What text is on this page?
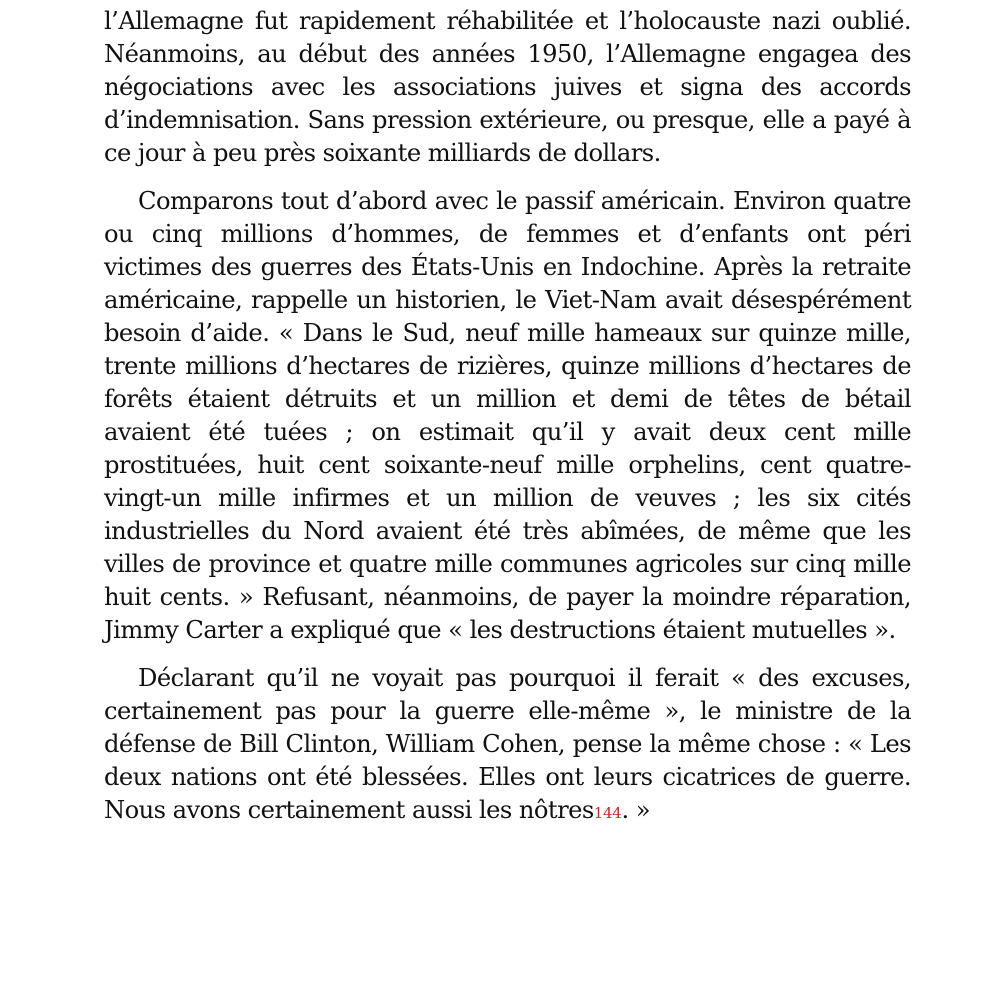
l’Allemagne fut rapidement réhabilitée et l’holocauste nazi oublié. Néanmoins, au début des années 1950, l’Allemagne engagea des négociations avec les associations juives et signa des accords d’indemnisation. Sans pression extérieure, ou presque, elle a payé à ce jour à peu près soixante milliards de dollars.

Comparons tout d’abord avec le passif américain. Environ quatre ou cinq millions d’hommes, de femmes et d’enfants ont péri victimes des guerres des États-Unis en Indochine. Après la retraite américaine, rappelle un historien, le Viet-Nam avait désespérément besoin d’aide. « Dans le Sud, neuf mille hameaux sur quinze mille, trente millions d’hectares de rizières, quinze millions d’hectares de forêts étaient détruits et un million et demi de têtes de bétail avaient été tuées ; on estimait qu’il y avait deux cent mille prostituées, huit cent soixante-neuf mille orphelins, cent quatre-vingt-un mille infirmes et un million de veuves ; les six cités industrielles du Nord avaient été très abîmées, de même que les villes de province et quatre mille communes agricoles sur cinq mille huit cents. » Refusant, néanmoins, de payer la moindre réparation, Jimmy Carter a expliqué que « les destructions étaient mutuelles ».

Déclarant qu’il ne voyait pas pourquoi il ferait « des excuses, certainement pas pour la guerre elle-même », le ministre de la défense de Bill Clinton, William Cohen, pense la même chose : « Les deux nations ont été blessées. Elles ont leurs cicatrices de guerre. Nous avons certainement aussi les nôtres144. »
